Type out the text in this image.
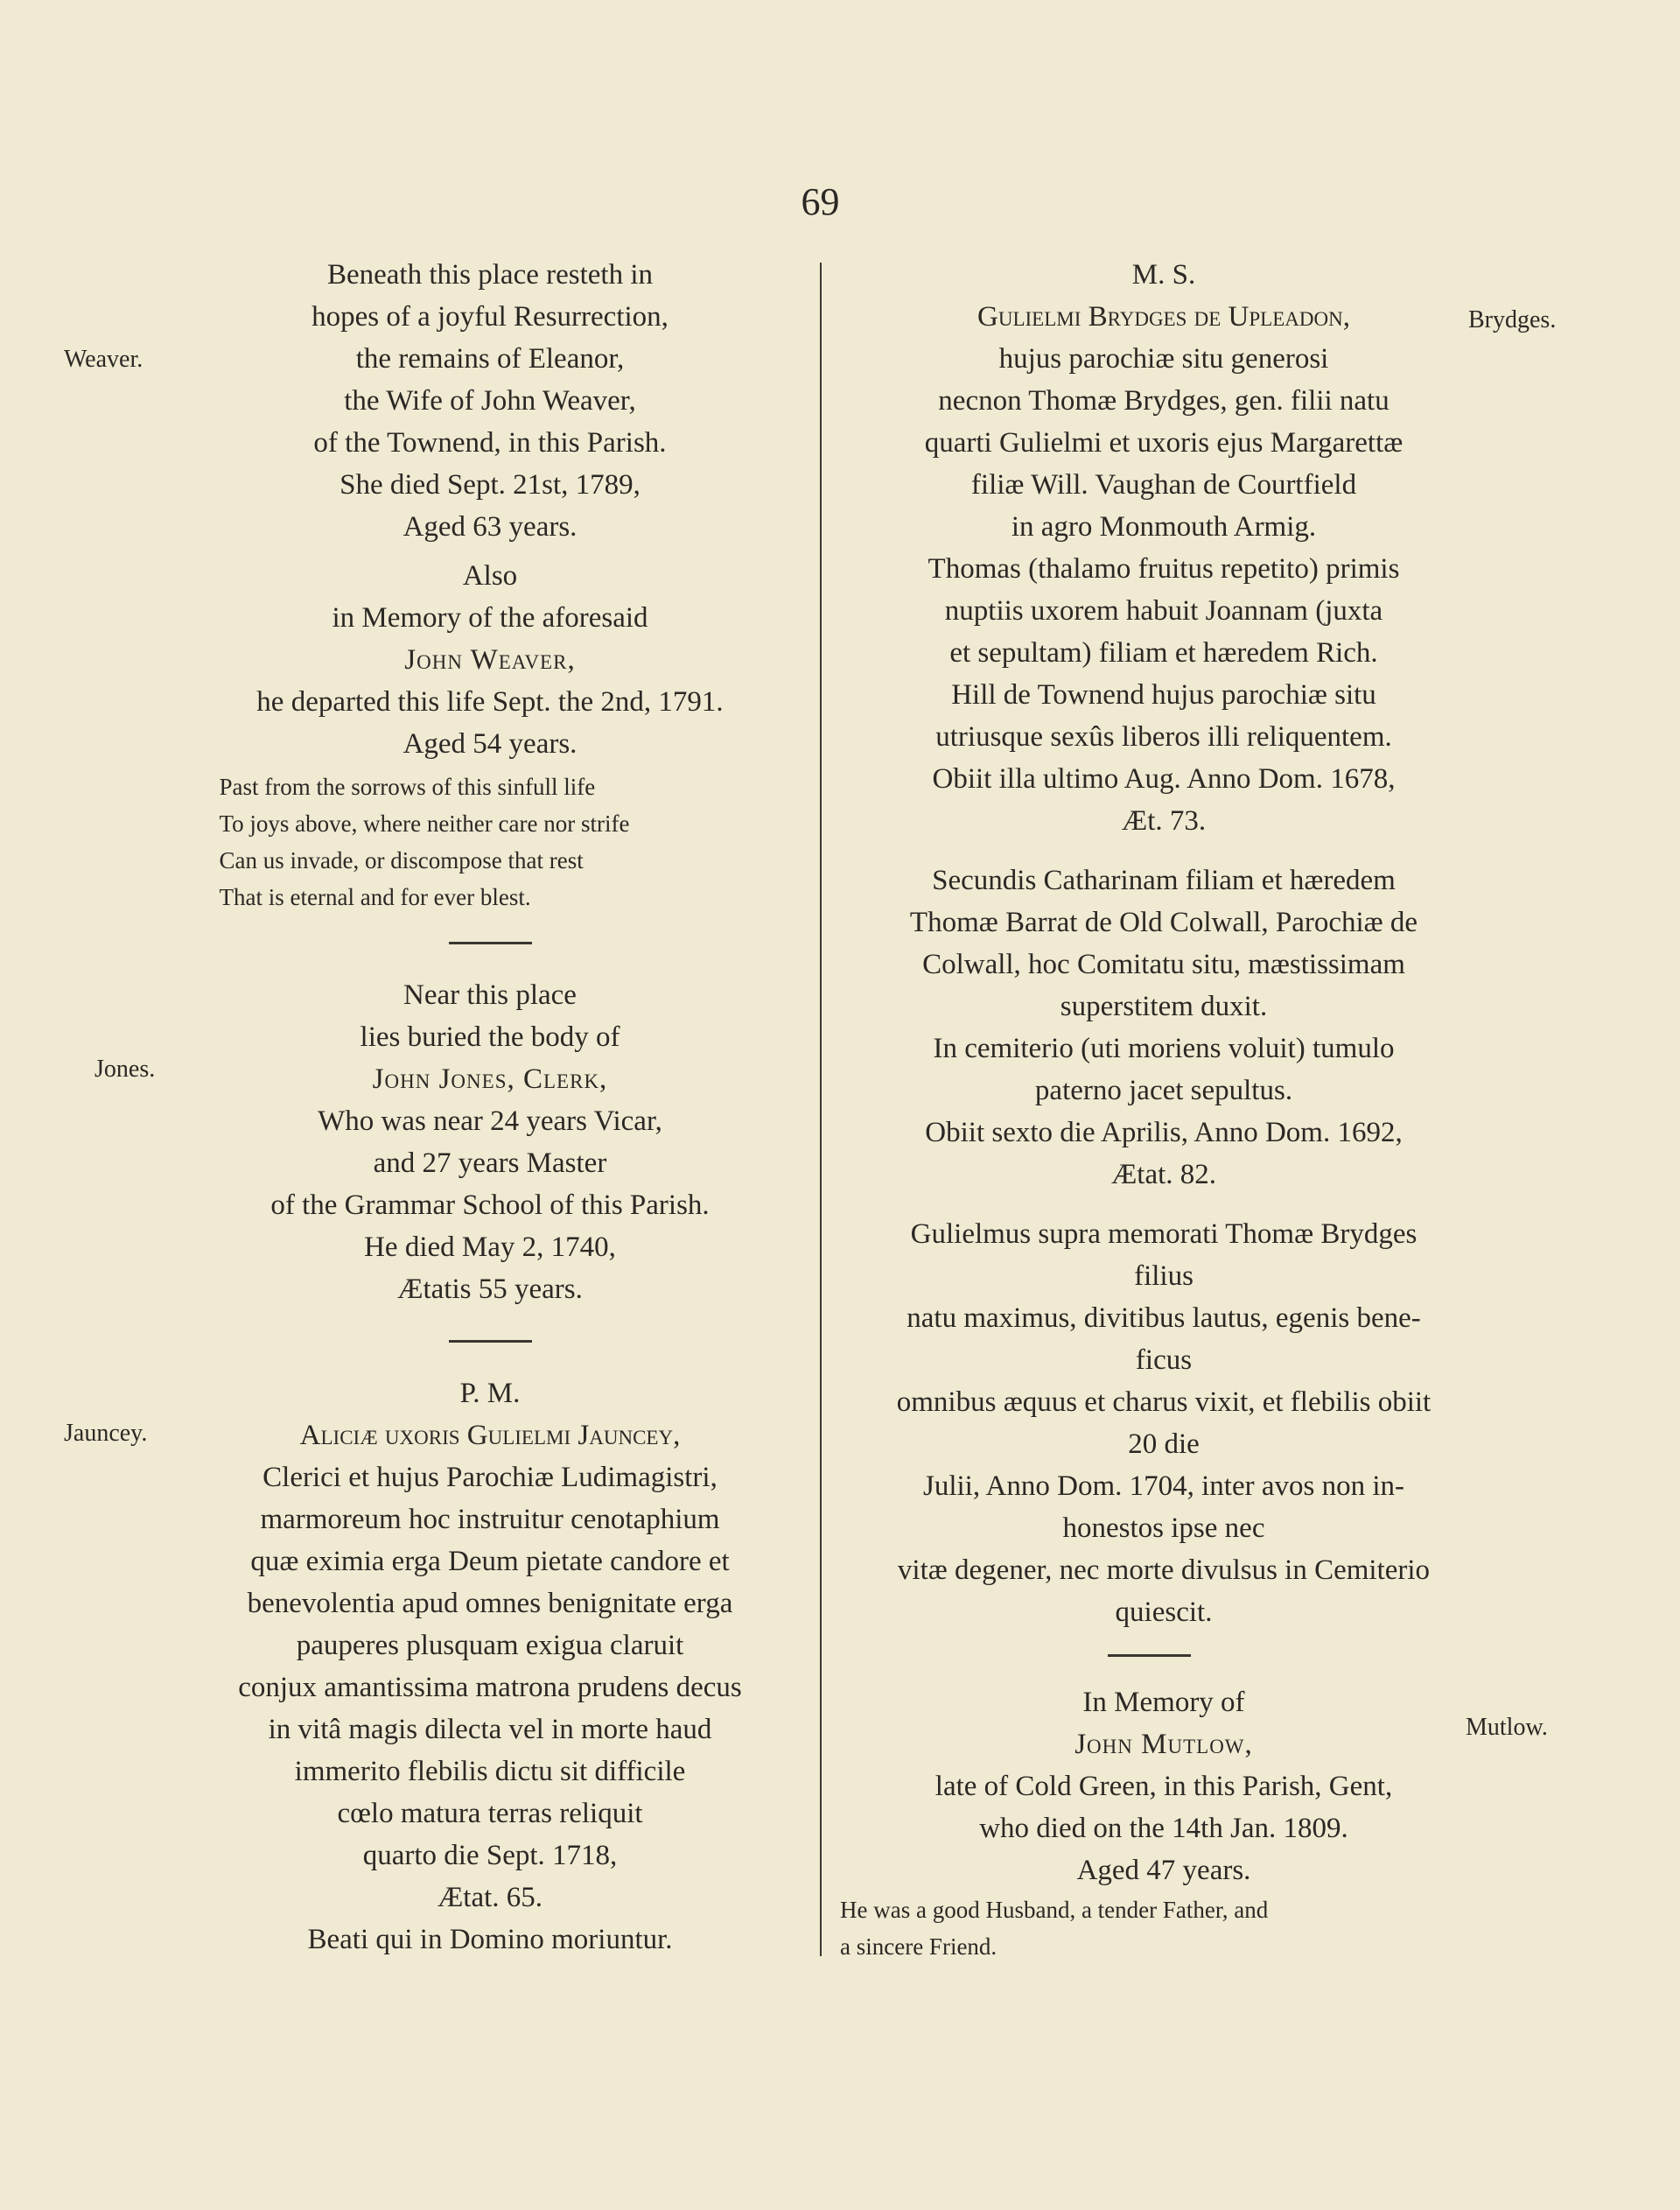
69
Weaver.
Jones.
Jauncey.
Brydges.
Mutlow.
Beneath this place resteth in
hopes of a joyful Resurrection,
the remains of Eleanor,
the Wife of John Weaver,
of the Townend, in this Parish.
She died Sept. 21st, 1789,
Aged 63 years.
Also
in Memory of the aforesaid
John Weaver,
he departed this life Sept. the 2nd, 1791.
Aged 54 years.
Past from the sorrows of this sinfull life
To joys above, where neither care nor strife
Can us invade, or discompose that rest
That is eternal and for ever blest.
Near this place
lies buried the body of
John Jones, Clerk,
Who was near 24 years Vicar,
and 27 years Master
of the Grammar School of this Parish.
He died May 2, 1740,
Ætatis 55 years.
P. M.
Aliciæ uxoris Gulielmi Jauncey,
Clerici et hujus Parochiæ Ludimagistri,
marmoreum hoc instruitur cenotaphium
quæ eximia erga Deum pietate candore et
benevolentia apud omnes benignitate erga
pauperes plusquam exigua claruit
conjux amantissima matrona prudens decus
in vitâ magis dilecta vel in morte haud
immerito flebilis dictu sit difficile
cœlo matura terras reliquit
quarto die Sept. 1718,
Ætat. 65.
Beati qui in Domino moriuntur.
M. S.
Gulielmi Brydges de Upleadon,
hujus parochiæ situ generosi
necnon Thomæ Brydges, gen. filii natu
quarti Gulielmi et uxoris ejus Margarettæ
filiæ Will. Vaughan de Courtfield
in agro Monmouth Armig.
Thomas (thalamo fruitus repetito) primis
nuptiis uxorem habuit Joannam (juxta
et sepultam) filiam et hæredem Rich.
Hill de Townend hujus parochiæ situ
utriusque sexûs liberos illi reliquentem.
Obiit illa ultimo Aug. Anno Dom. 1678,
Æt. 73.
Secundis Catharinam filiam et hæredem
Thomæ Barrat de Old Colwall, Parochiæ de
Colwall, hoc Comitatu situ, mæstissimam
superstitem duxit.
In cemiterio (uti moriens voluit) tumulo
paterno jacet sepultus.
Obiit sexto die Aprilis, Anno Dom. 1692,
Ætat. 82.
Gulielmus supra memorati Thomæ Brydges
filius
natu maximus, divitibus lautus, egenis bene-
ficus
omnibus æquus et charus vixit, et flebilis obiit
20 die
Julii, Anno Dom. 1704, inter avos non in-
honestos ipse nec
vitæ degener, nec morte divulsus in Cemiterio
quiescit.
In Memory of
John Mutlow,
late of Cold Green, in this Parish, Gent,
who died on the 14th Jan. 1809.
Aged 47 years.
He was a good Husband, a tender Father, and
a sincere Friend.
